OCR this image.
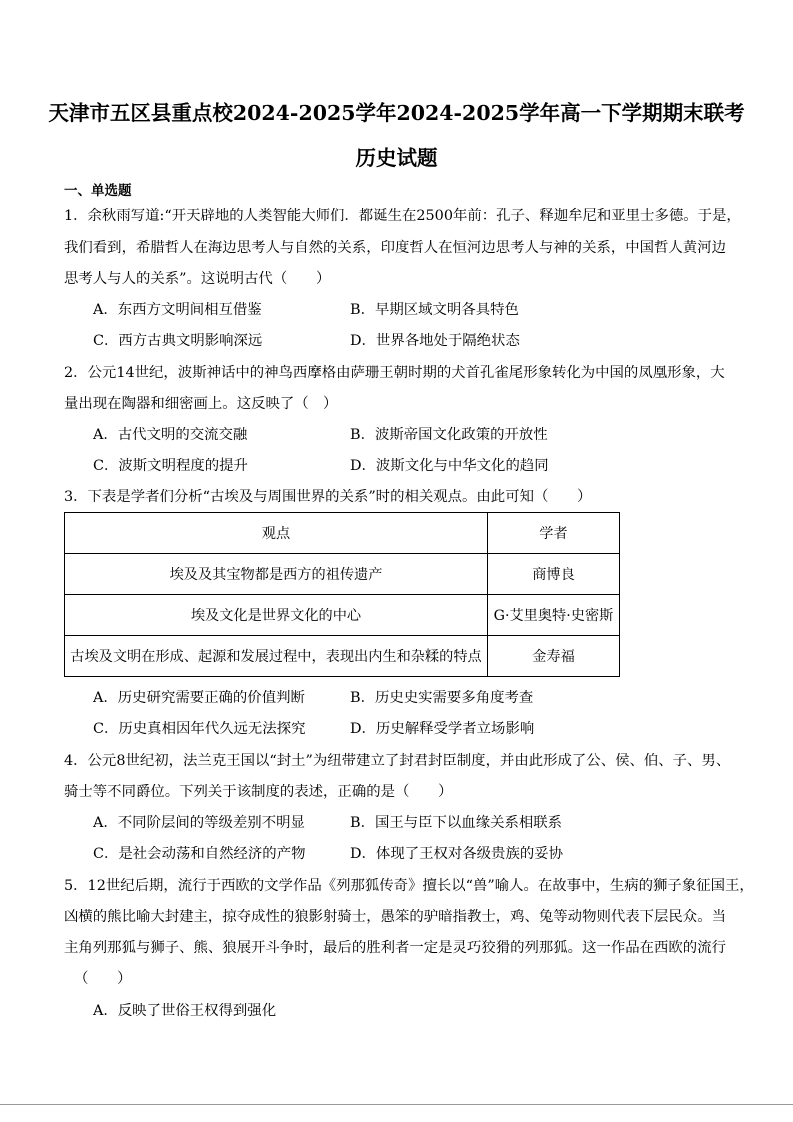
天津市五区县重点校2024-2025学年2024-2025学年高一下学期期末联考
历史试题
一、单选题
1．余秋雨写道:“开天辟地的人类智能大师们．都诞生在2500年前：孔子、释迦牟尼和亚里士多德。于是，
我们看到，希腊哲人在海边思考人与自然的关系，印度哲人在恒河边思考人与神的关系，中国哲人黄河边
思考人与人的关系”。这说明古代（　　）
A．东西方文明间相互借鉴	B．早期区域文明各具特色
C．西方古典文明影响深远	D．世界各地处于隔绝状态
2．公元14世纪，波斯神话中的神鸟西摩格由萨珊王朝时期的犬首孔雀尾形象转化为中国的凤凰形象，大
量出现在陶器和细密画上。这反映了（　）
A．古代文明的交流交融	B．波斯帝国文化政策的开放性
C．波斯文明程度的提升	D．波斯文化与中华文化的趋同
3．下表是学者们分析“古埃及与周围世界的关系”时的相关观点。由此可知（　　）
观点	学者
埃及及其宝物都是西方的祖传遗产	商博良
埃及文化是世界文化的中心	G·艾里奥特·史密斯
古埃及文明在形成、起源和发展过程中，表现出内生和杂糅的特点	金寿福
A．历史研究需要正确的价值判断	B．历史史实需要多角度考查
C．历史真相因年代久远无法探究	D．历史解释受学者立场影响
4．公元8世纪初，法兰克王国以“封土”为纽带建立了封君封臣制度，并由此形成了公、侯、伯、子、男、
骑士等不同爵位。下列关于该制度的表述，正确的是（　　）
A．不同阶层间的等级差别不明显	B．国王与臣下以血缘关系相联系
C．是社会动荡和自然经济的产物	D．体现了王权对各级贵族的妥协
5．12世纪后期，流行于西欧的文学作品《列那狐传奇》擅长以“兽”喻人。在故事中，生病的狮子象征国王，
凶横的熊比喻大封建主，掠夺成性的狼影射骑士，愚笨的驴暗指教士，鸡、兔等动物则代表下层民众。当
主角列那狐与狮子、熊、狼展开斗争时，最后的胜利者一定是灵巧狡猾的列那狐。这一作品在西欧的流行
（　　）
A．反映了世俗王权得到强化
